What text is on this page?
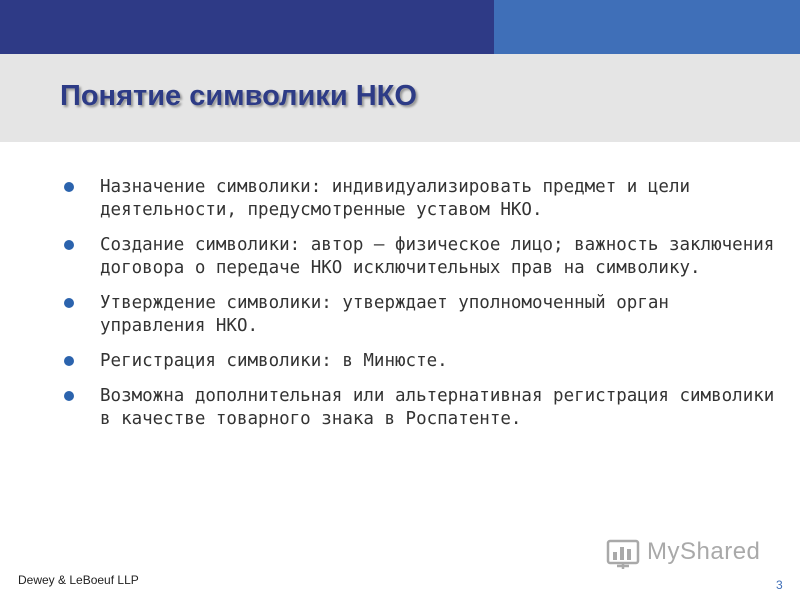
Понятие символики НКО
Назначение символики: индивидуализировать предмет и цели деятельности, предусмотренные уставом НКО.
Создание символики: автор – физическое лицо; важность заключения договора о передаче НКО исключительных прав на символику.
Утверждение символики: утверждает уполномоченный орган управления НКО.
Регистрация символики: в Минюсте.
Возможна дополнительная или альтернативная регистрация символики в качестве товарного знака в Роспатенте.
MyShared
Dewey & LeBoeuf LLP	3
